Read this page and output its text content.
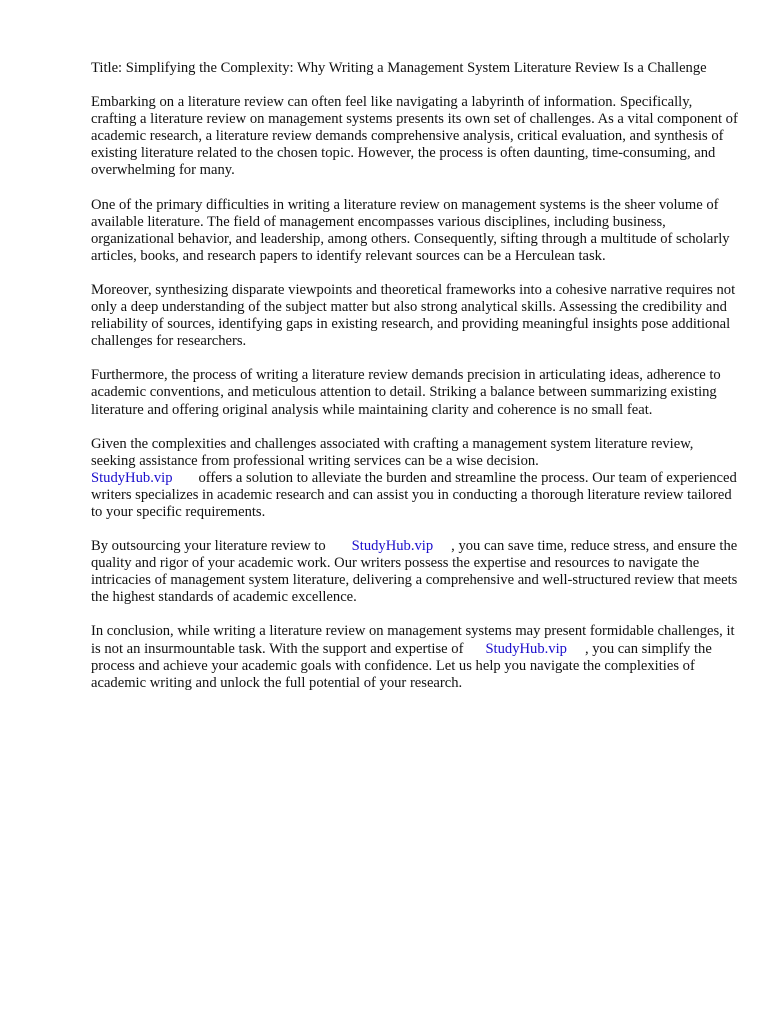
Title: Simplifying the Complexity: Why Writing a Management System Literature Review Is a Challenge

Embarking on a literature review can often feel like navigating a labyrinth of information. Specifically, crafting a literature review on management systems presents its own set of challenges. As a vital component of academic research, a literature review demands comprehensive analysis, critical evaluation, and synthesis of existing literature related to the chosen topic. However, the process is often daunting, time-consuming, and overwhelming for many.

One of the primary difficulties in writing a literature review on management systems is the sheer volume of available literature. The field of management encompasses various disciplines, including business, organizational behavior, and leadership, among others. Consequently, sifting through a multitude of scholarly articles, books, and research papers to identify relevant sources can be a Herculean task.

Moreover, synthesizing disparate viewpoints and theoretical frameworks into a cohesive narrative requires not only a deep understanding of the subject matter but also strong analytical skills. Assessing the credibility and reliability of sources, identifying gaps in existing research, and providing meaningful insights pose additional challenges for researchers.

Furthermore, the process of writing a literature review demands precision in articulating ideas, adherence to academic conventions, and meticulous attention to detail. Striking a balance between summarizing existing literature and offering original analysis while maintaining clarity and coherence is no small feat.

Given the complexities and challenges associated with crafting a management system literature review, seeking assistance from professional writing services can be a wise decision.
StudyHub.vip offers a solution to alleviate the burden and streamline the process. Our team of experienced writers specializes in academic research and can assist you in conducting a thorough literature review tailored to your specific requirements.

By outsourcing your literature review to StudyHub.vip , you can save time, reduce stress, and ensure the quality and rigor of your academic work. Our writers possess the expertise and resources to navigate the intricacies of management system literature, delivering a comprehensive and well-structured review that meets the highest standards of academic excellence.

In conclusion, while writing a literature review on management systems may present formidable challenges, it is not an insurmountable task. With the support and expertise of StudyHub.vip , you can simplify the process and achieve your academic goals with confidence. Let us help you navigate the complexities of academic writing and unlock the full potential of your research.
